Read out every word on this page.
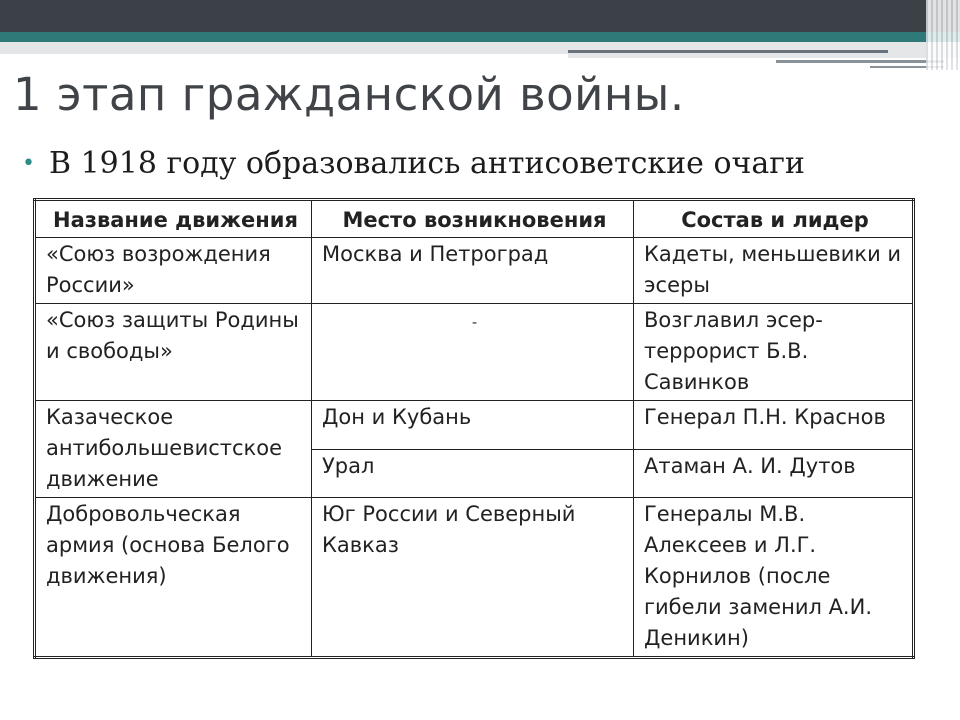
1 этап гражданской войны.
• В 1918 году образовались антисоветские очаги
Название движения	Место возникновения	Состав и лидер
«Союз возрождения России»	Москва и Петроград	Кадеты, меньшевики и эсеры
«Союз защиты Родины и свободы»	-	Возглавил эсер-террорист Б.В. Савинков
Казаческое антибольшевистское движение	Дон и Кубань	Генерал П.Н. Краснов
	Урал	Атаман А. И. Дутов
Добровольческая армия (основа Белого движения)	Юг России и Северный Кавказ	Генералы М.В. Алексеев и Л.Г. Корнилов (после гибели заменил А.И. Деникин)
